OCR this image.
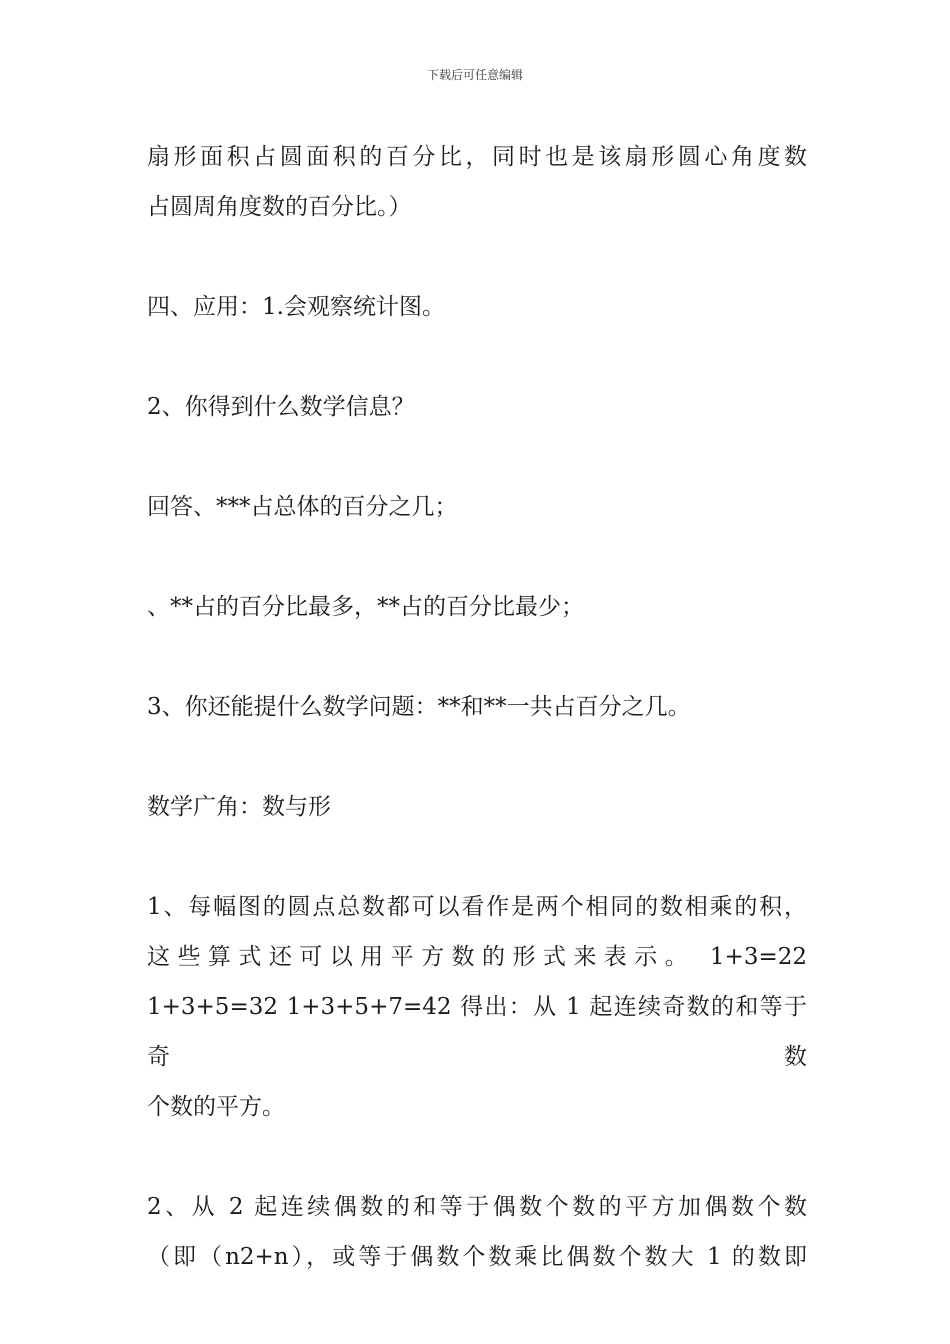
下载后可任意编辑

扇形面积占圆面积的百分比，同时也是该扇形圆心角度数

占圆周角度数的百分比。）

四、应用：1.会观察统计图。

2、你得到什么数学信息？

回答、***占总体的百分之几；

、**占的百分比最多，**占的百分比最少；

3、你还能提什么数学问题：**和**一共占百分之几。

数学广角：数与形

1、每幅图的圆点总数都可以看作是两个相同的数相乘的积，

这些算式还可以用平方数的形式来表示。 1+3=22

1+3+5=32 1+3+5+7=42 得出：从 1 起连续奇数的和等于奇数

个数的平方。

2、从 2 起连续偶数的和等于偶数个数的平方加偶数个数

（即（n2+n），或等于偶数个数乘比偶数个数大 1 的数即
